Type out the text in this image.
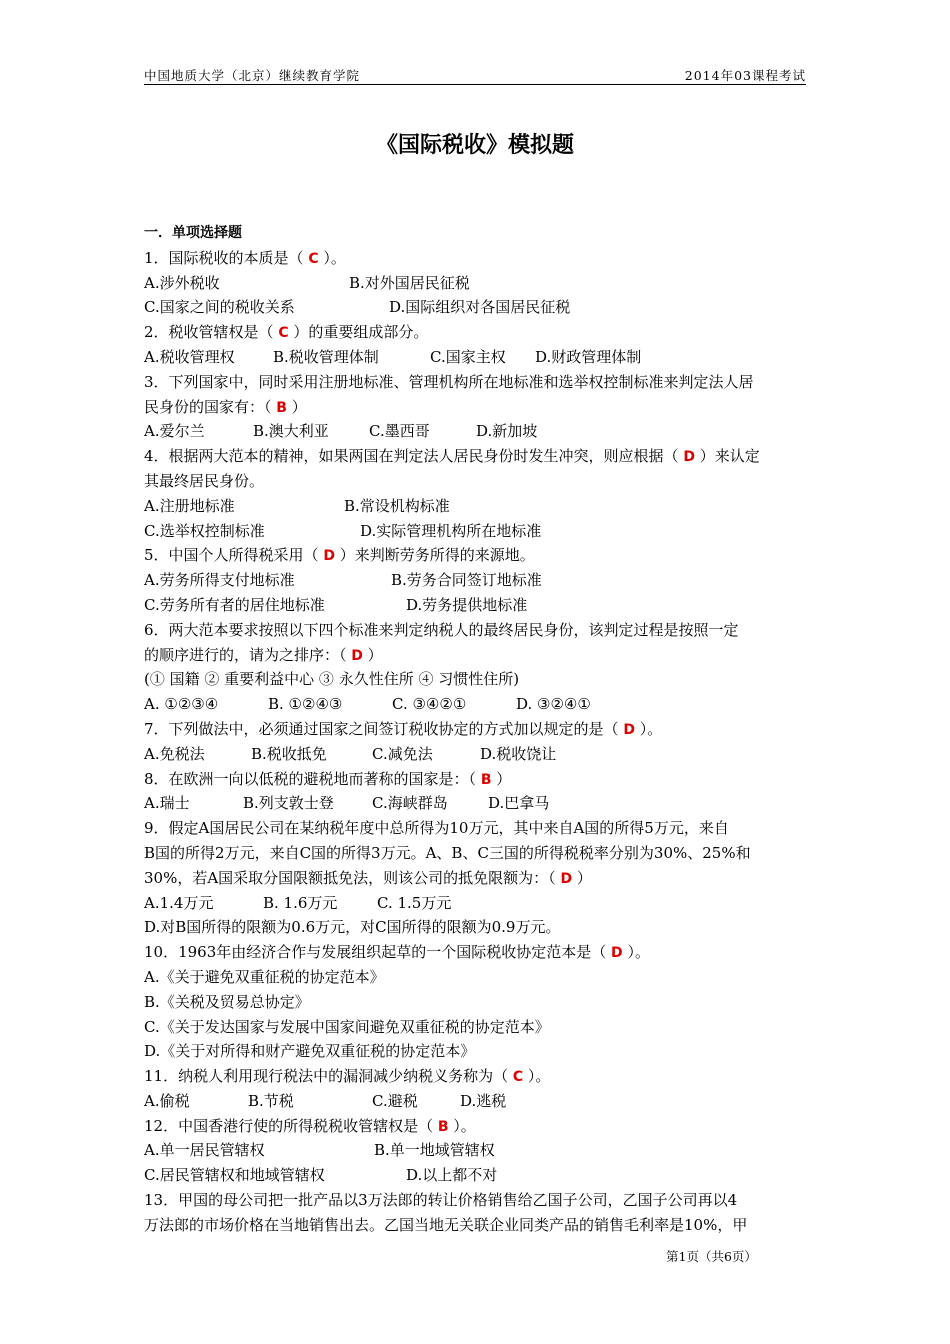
中国地质大学（北京）继续教育学院	2014年03课程考试
《国际税收》模拟题
一．单项选择题
1．国际税收的本质是（ C ）。
A.涉外税收	B.对外国居民征税
C.国家之间的税收关系	D.国际组织对各国居民征税
2．税收管辖权是（ C ）的重要组成部分。
A.税收管理权	B.税收管理体制	C.国家主权 D.财政管理体制
3．下列国家中，同时采用注册地标准、管理机构所在地标准和选举权控制标准来判定法人居
民身份的国家有：（ B ）
A.爱尔兰	B.澳大利亚	C.墨西哥	D.新加坡
4．根据两大范本的精神，如果两国在判定法人居民身份时发生冲突，则应根据（ D ）来认定
其最终居民身份。
A.注册地标准	B.常设机构标准
C.选举权控制标准	D.实际管理机构所在地标准
5．中国个人所得税采用（ D ）来判断劳务所得的来源地。
A.劳务所得支付地标准	B.劳务合同签订地标准
C.劳务所有者的居住地标准	D.劳务提供地标准
6．两大范本要求按照以下四个标准来判定纳税人的最终居民身份，该判定过程是按照一定
的顺序进行的，请为之排序：（ D ）
(① 国籍 ② 重要利益中心 ③ 永久性住所 ④ 习惯性住所)
A. ①②③④	B. ①②④③	C. ③④②①	D. ③②④①
7．下列做法中，必须通过国家之间签订税收协定的方式加以规定的是（ D ）。
A.免税法	B.税收抵免	C.减免法	D.税收饶让
8．在欧洲一向以低税的避税地而著称的国家是：（ B ）
A.瑞士	B.列支敦士登	C.海峡群岛	D.巴拿马
9．假定A国居民公司在某纳税年度中总所得为10万元，其中来自A国的所得5万元，来自
B国的所得2万元，来自C国的所得3万元。A、B、C三国的所得税税率分别为30%、25%和
30%，若A国采取分国限额抵免法，则该公司的抵免限额为：（ D ）
A.1.4万元	B. 1.6万元	C. 1.5万元
D.对B国所得的限额为0.6万元，对C国所得的限额为0.9万元。
10．1963年由经济合作与发展组织起草的一个国际税收协定范本是（ D ）。
A.《关于避免双重征税的协定范本》
B.《关税及贸易总协定》
C.《关于发达国家与发展中国家间避免双重征税的协定范本》
D.《关于对所得和财产避免双重征税的协定范本》
11．纳税人利用现行税法中的漏洞减少纳税义务称为（ C ）。
A.偷税	B.节税	C.避税	D.逃税
12．中国香港行使的所得税税收管辖权是（ B ）。
A.单一居民管辖权	B.单一地域管辖权
C.居民管辖权和地域管辖权	D.以上都不对
13．甲国的母公司把一批产品以3万法郎的转让价格销售给乙国子公司，乙国子公司再以4
万法郎的市场价格在当地销售出去。乙国当地无关联企业同类产品的销售毛利率是10%，甲
第1页（共6页）
